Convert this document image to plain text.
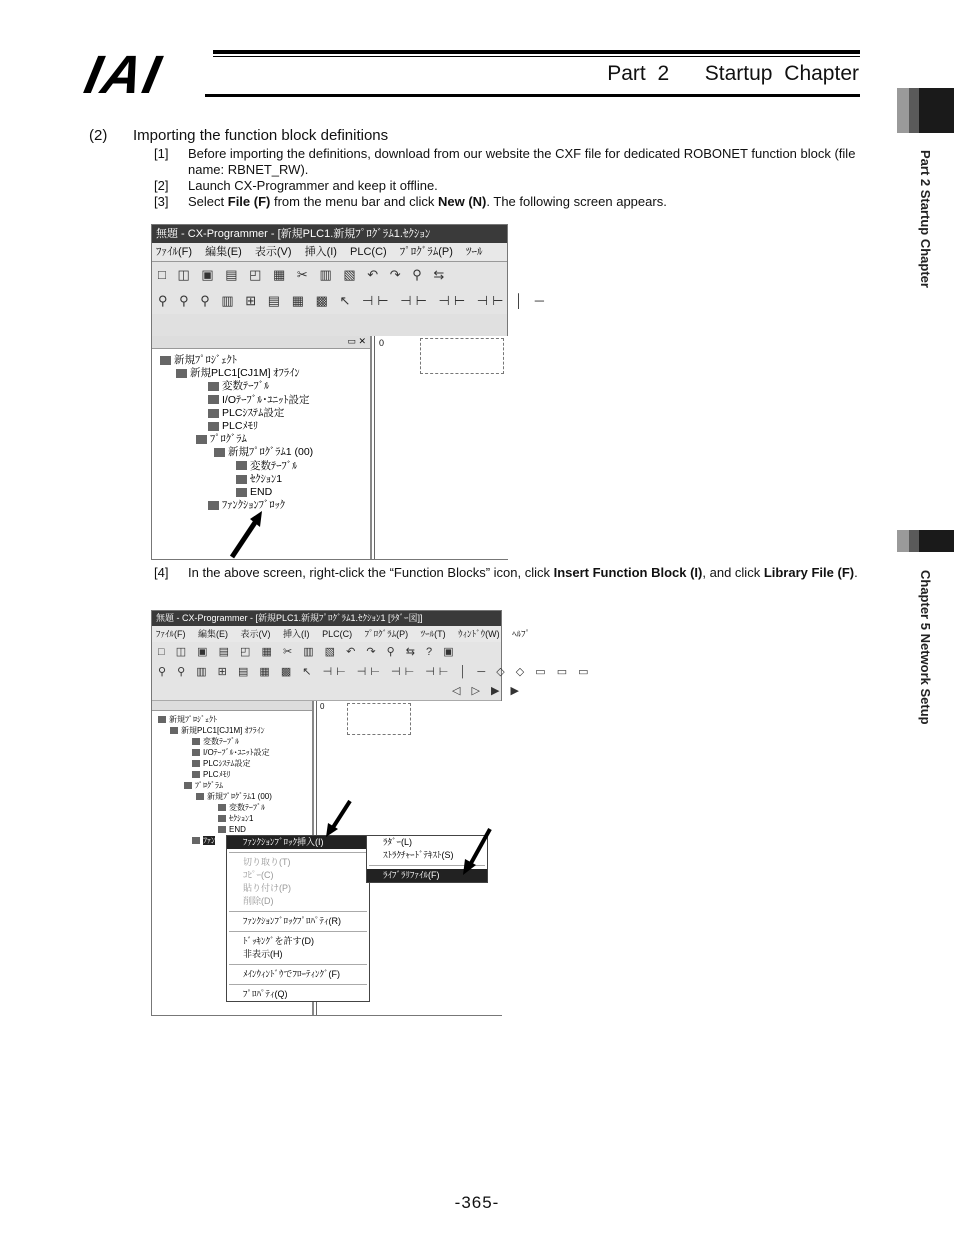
IAI	Part 2   Startup Chapter
Part 2 Startup Chapter
Chapter 5 Network Setup
(2) Importing the function block definitions
[1] Before importing the definitions, download from our website the CXF file for dedicated ROBONET function block (file name: RBNET_RW).
[2] Launch CX-Programmer and keep it offline.
[3] Select File (F) from the menu bar and click New (N). The following screen appears.
無題 - CX-Programmer - [新規PLC1.新規ﾌﾟﾛｸﾞﾗﾑ1.ｾｸｼｮﾝ
ﾌｧｲﾙ(F) 編集(E) 表示(V) 挿入(I) PLC(C) ﾌﾟﾛｸﾞﾗﾑ(P) ﾂｰﾙ
□ ◫ ▣ ▤ ◰ ▦ ✂ ▥ ▧ ↶ ↷ ⚲ ⇆
⚲ ⚲ ⚲ ▥ ⊞ ▤ ▦ ▩ ↖ ⊣⊢ ⊣⊢ ⊣⊢ ⊣⊢ │ ─
▭ ✕
新規ﾌﾟﾛｼﾞｪｸﾄ
新規PLC1[CJ1M] ｵﾌﾗｲﾝ
変数ﾃｰﾌﾞﾙ
I/Oﾃｰﾌﾞﾙ･ﾕﾆｯﾄ設定
PLCｼｽﾃﾑ設定
PLCﾒﾓﾘ
ﾌﾟﾛｸﾞﾗﾑ
新規ﾌﾟﾛｸﾞﾗﾑ1 (00)
変数ﾃｰﾌﾞﾙ
ｾｸｼｮﾝ1
END
ﾌｧﾝｸｼｮﾝﾌﾞﾛｯｸ
0
[4] In the above screen, right-click the “Function Blocks” icon, click Insert Function Block (I), and click Library File (F).
無題 - CX-Programmer - [新規PLC1.新規ﾌﾟﾛｸﾞﾗﾑ1.ｾｸｼｮﾝ1 [ﾗﾀﾞｰ図]]
ﾌｧｲﾙ(F) 編集(E) 表示(V) 挿入(I) PLC(C) ﾌﾟﾛｸﾞﾗﾑ(P) ﾂｰﾙ(T) ｳｨﾝﾄﾞｳ(W) ﾍﾙﾌﾟ
□ ◫ ▣ ▤ ◰ ▦ ✂ ▥ ▧ ↶ ↷ ⚲ ⇆ ? ▣
⚲ ⚲ ▥ ⊞ ▤ ▦ ▩ ↖ ⊣⊢ ⊣⊢ ⊣⊢ ⊣⊢ │ ─ ◇ ◇ ▭ ▭ ▭
◁ ▷ ▶ ▶
新規ﾌﾟﾛｼﾞｪｸﾄ
新規PLC1[CJ1M] ｵﾌﾗｲﾝ
変数ﾃｰﾌﾞﾙ
I/Oﾃｰﾌﾞﾙ･ﾕﾆｯﾄ設定
PLCｼｽﾃﾑ設定
PLCﾒﾓﾘ
ﾌﾟﾛｸﾞﾗﾑ
新規ﾌﾟﾛｸﾞﾗﾑ1 (00)
変数ﾃｰﾌﾞﾙ
ｾｸｼｮﾝ1
END
ﾌｧﾝ
0
ﾌｧﾝｸｼｮﾝﾌﾞﾛｯｸ挿入(I)
切り取り(T)
ｺﾋﾟｰ(C)
貼り付け(P)
削除(D)
ﾌｧﾝｸｼｮﾝﾌﾞﾛｯｸﾌﾟﾛﾊﾟﾃｨ(R)
ﾄﾞｯｷﾝｸﾞを許す(D)
非表示(H)
ﾒｲﾝｳｨﾝﾄﾞｳでﾌﾛｰﾃｨﾝｸﾞ(F)
ﾌﾟﾛﾊﾟﾃｨ(Q)
ﾗﾀﾞｰ(L)
ｽﾄﾗｸﾁｬｰﾄﾞﾃｷｽﾄ(S)
ﾗｲﾌﾞﾗﾘﾌｧｲﾙ(F)
-365-
